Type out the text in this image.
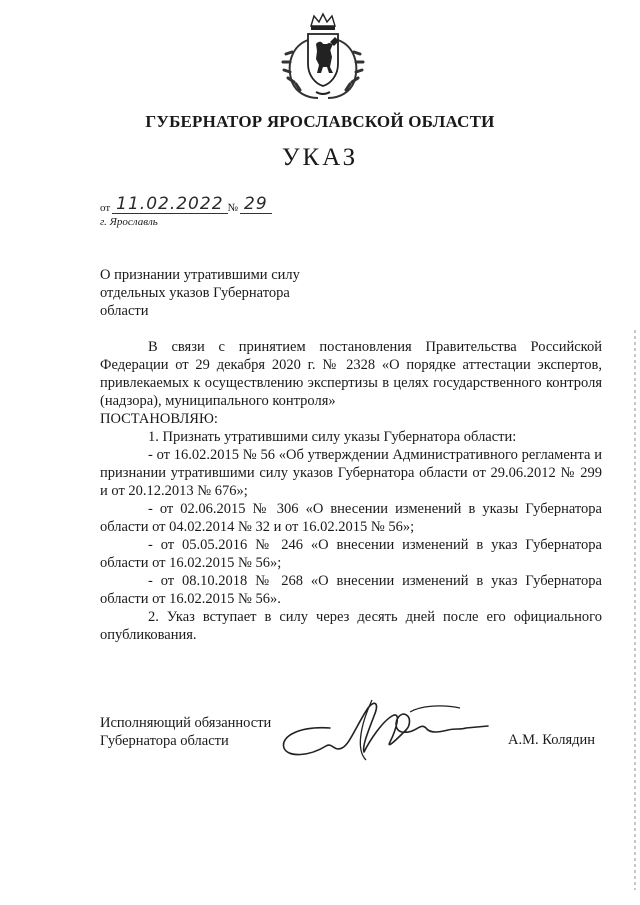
ГУБЕРНАТОР ЯРОСЛАВСКОЙ ОБЛАСТИ
УКАЗ
от 11.02.2022 № 29
г. Ярославль
О признании утратившими силу
отдельных указов Губернатора
области

В связи с принятием постановления Правительства Российской Федерации от 29 декабря 2020 г. № 2328 «О порядке аттестации экспертов, привлекаемых к осуществлению экспертизы в целях государственного контроля (надзора), муниципального контроля»

ПОСТАНОВЛЯЮ:

1. Признать утратившими силу указы Губернатора области:

- от 16.02.2015 № 56 «Об утверждении Административного регламента и признании утратившими силу указов Губернатора области от 29.06.2012 № 299 и от 20.12.2013 № 676»;

- от 02.06.2015 № 306 «О внесении изменений в указы Губернатора области от 04.02.2014 № 32 и от 16.02.2015 № 56»;

- от 05.05.2016 № 246 «О внесении изменений в указ Губернатора области от 16.02.2015 № 56»;

- от 08.10.2018 № 268 «О внесении изменений в указ Губернатора области от 16.02.2015 № 56».

2. Указ вступает в силу через десять дней после его официального опубликования.

Исполняющий обязанности
Губернатора области	А.М. Колядин
